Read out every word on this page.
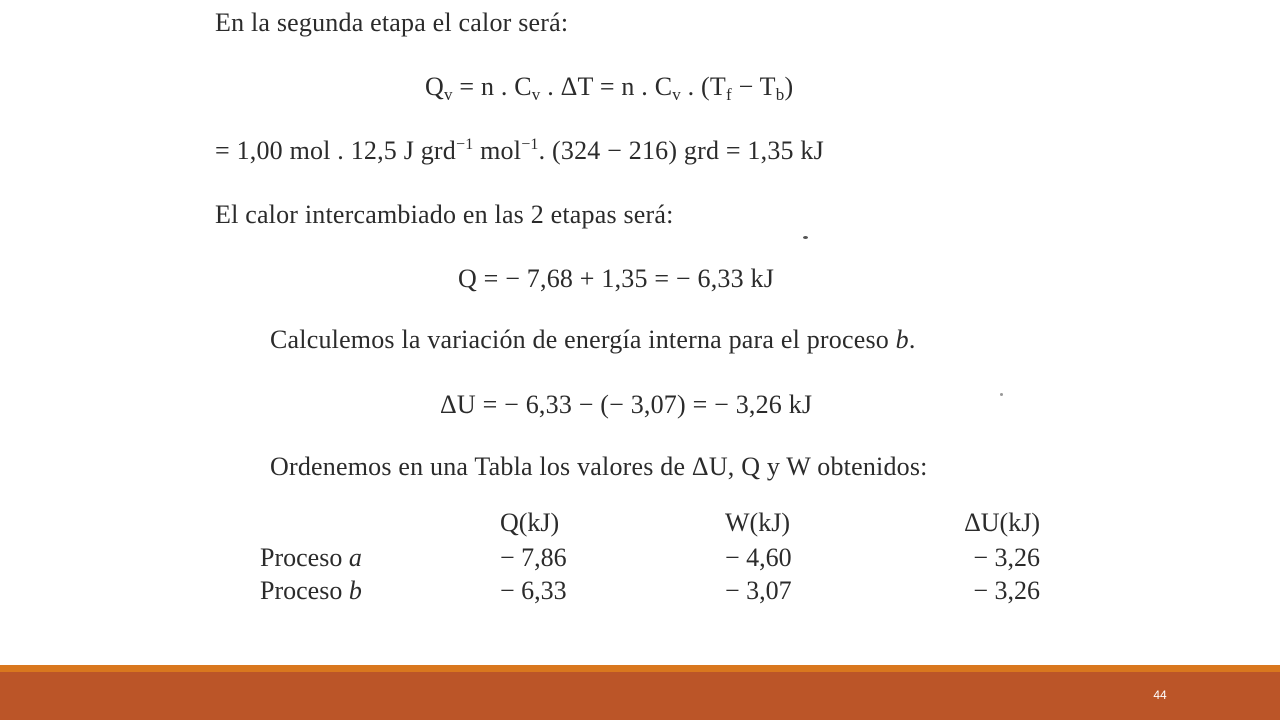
En la segunda etapa el calor será:
$Q_v = n$ . $C_v$ . ΔT = n . $C_v$ . $(T_f - T_b)$
= 1,00 mol . 12,5 J grd$^{-1}$ mol$^{-1}$. (324 − 216) grd = 1,35 kJ
El calor intercambiado en las 2 etapas será:
Q = − 7,68 + 1,35 = − 6,33 kJ
Calculemos la variación de energía interna para el proceso b.
ΔU = − 6,33 − (− 3,07) = − 3,26 kJ
Ordenemos en una Tabla los valores de ΔU, Q y W obtenidos:
	Q(kJ)	W(kJ)	ΔU(kJ)
Proceso a	− 7,86	− 4,60	− 3,26
Proceso b	− 6,33	− 3,07	− 3,26
44
